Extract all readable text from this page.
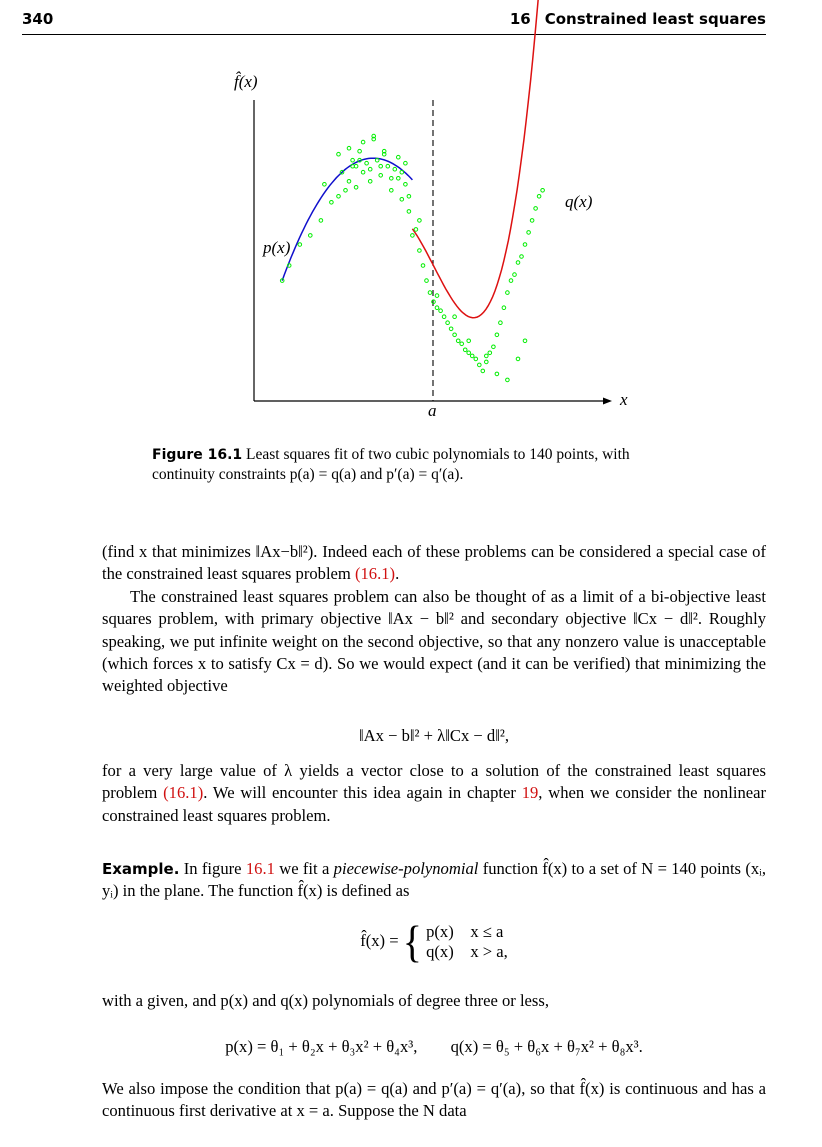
340	16 Constrained least squares
f̂(x)
x
a
p(x)
q(x)
Figure 16.1 Least squares fit of two cubic polynomials to 140 points, with
continuity constraints p(a) = q(a) and p′(a) = q′(a).

(find x that minimizes ‖Ax−b‖²). Indeed each of these problems can be considered a special case of the constrained least squares problem (16.1).

The constrained least squares problem can also be thought of as a limit of a bi-objective least squares problem, with primary objective ‖Ax − b‖² and secondary objective ‖Cx − d‖². Roughly speaking, we put infinite weight on the second objective, so that any nonzero value is unacceptable (which forces x to satisfy Cx = d). So we would expect (and it can be verified) that minimizing the weighted objective

‖Ax − b‖² + λ‖Cx − d‖²,

for a very large value of λ yields a vector close to a solution of the constrained least squares problem (16.1). We will encounter this idea again in chapter 19, when we consider the nonlinear constrained least squares problem.

Example. In figure 16.1 we fit a piecewise-polynomial function f̂(x) to a set of N = 140 points (xᵢ, yᵢ) in the plane. The function f̂(x) is defined as

f̂(x) = { p(x)    x ≤ a
q(x)    x > a,

with a given, and p(x) and q(x) polynomials of degree three or less,

p(x) = θ₁ + θ₂x + θ₃x² + θ₄x³,        q(x) = θ₅ + θ₆x + θ₇x² + θ₈x³.

We also impose the condition that p(a) = q(a) and p′(a) = q′(a), so that f̂(x) is continuous and has a continuous first derivative at x = a. Suppose the N data
